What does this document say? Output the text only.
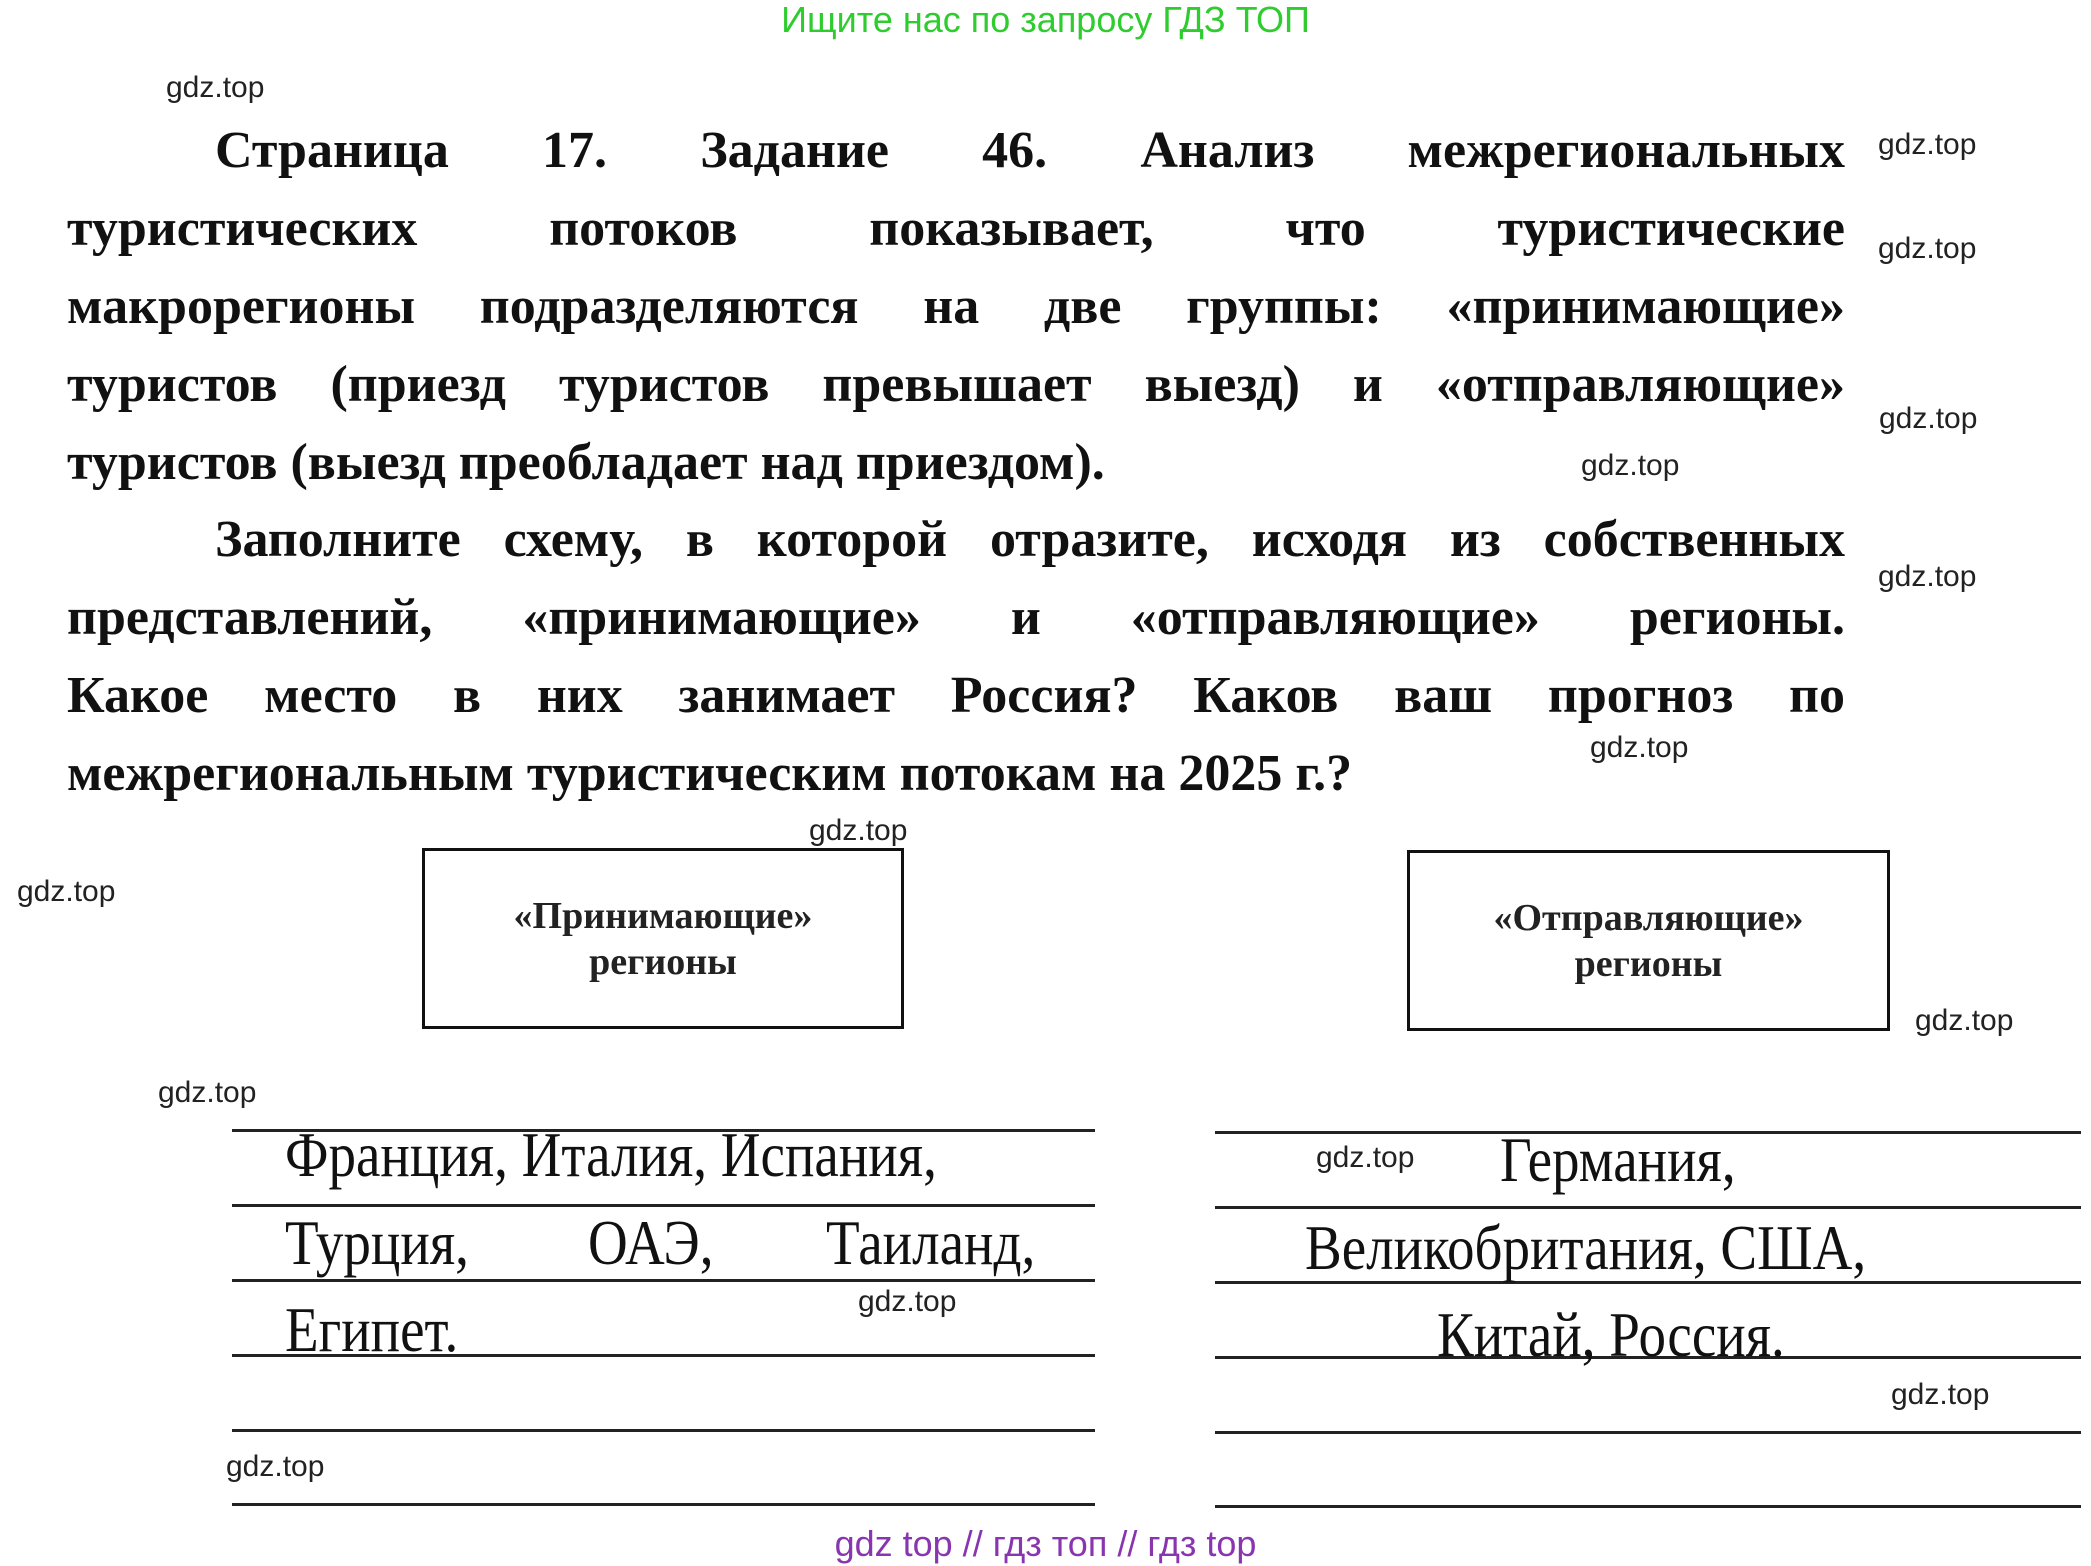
Ищите нас по запросу ГДЗ ТОП
Страница 17. Задание 46. Анализ межрегиональных
туристических потоков показывает, что туристические
макрорегионы подразделяются на две группы: «принимающие»
туристов (приезд туристов превышает выезд) и «отправляющие»
туристов (выезд преобладает над приездом).
Заполните схему, в которой отразите, исходя из собственных
представлений, «принимающие» и «отправляющие» регионы.
Какое место в них занимает Россия? Каков ваш прогноз по
межрегиональным туристическим потокам на 2025 г.?
«Принимающие»
регионы
«Отправляющие»
регионы
Франция, Италия, Испания,
Турция, ОАЭ, Таиланд,
Египет.
Германия,
Великобритания, США,
Китай, Россия.
gdz.top
gdz.top
gdz.top
gdz.top
gdz.top
gdz.top
gdz.top
gdz.top
gdz.top
gdz.top
gdz.top
gdz.top
gdz.top
gdz.top
gdz.top
gdz top // гдз топ // гдз top
